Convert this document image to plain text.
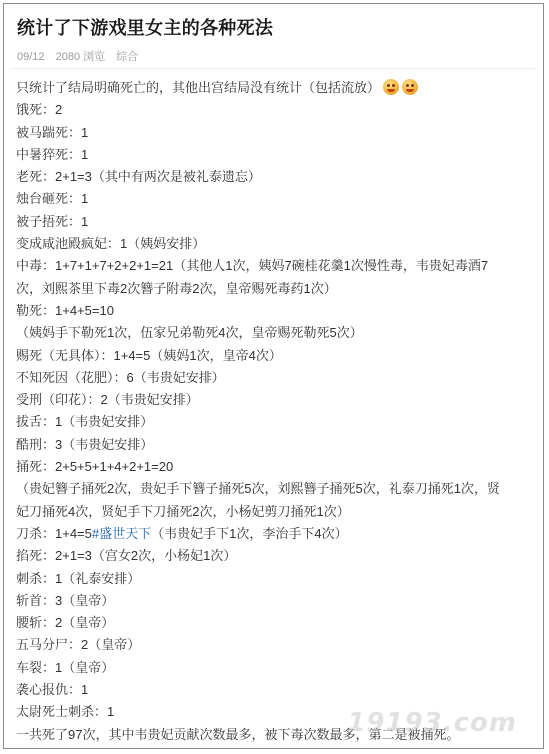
统计了下游戏里女主的各种死法
09/12 2080 浏览 综合
只统计了结局明确死亡的，其他出宫结局没有统计（包括流放）
饿死：2
被马踹死：1
中暑猝死：1
老死：2+1=3（其中有两次是被礼泰遗忘）
烛台砸死：1
被子捂死：1
变成咸池殿疯妃：1（姨妈安排）
中毒：1+7+1+7+2+2+1=21（其他人1次，姨妈7碗桂花羹1次慢性毒，韦贵妃毒酒7
次，刘熙茶里下毒2次簪子附毒2次，皇帝赐死毒药1次）
勒死：1+4+5=10
（姨妈手下勒死1次，伍家兄弟勒死4次，皇帝赐死勒死5次）
赐死（无具体）：1+4=5（姨妈1次，皇帝4次）
不知死因（花肥）：6（韦贵妃安排）
受刑（印花）：2（韦贵妃安排）
拔舌：1（韦贵妃安排）
酷刑：3（韦贵妃安排）
捅死：2+5+5+1+4+2+1=20
（贵妃簪子捅死2次，贵妃手下簪子捅死5次，刘熙簪子捅死5次，礼泰刀捅死1次，贤
妃刀捅死4次，贤妃手下刀捅死2次，小杨妃剪刀捅死1次）
刀杀：1+4=5#盛世天下（韦贵妃手下1次，李治手下4次）
掐死：2+1=3（宫女2次，小杨妃1次）
刺杀：1（礼泰安排）
斩首：3（皇帝）
腰斩：2（皇帝）
五马分尸：2（皇帝）
车裂：1（皇帝）
袭心报仇：1
太尉死士刺杀：1
一共死了97次，其中韦贵妃贡献次数最多，被下毒次数最多，第二是被捅死。
19193.com
